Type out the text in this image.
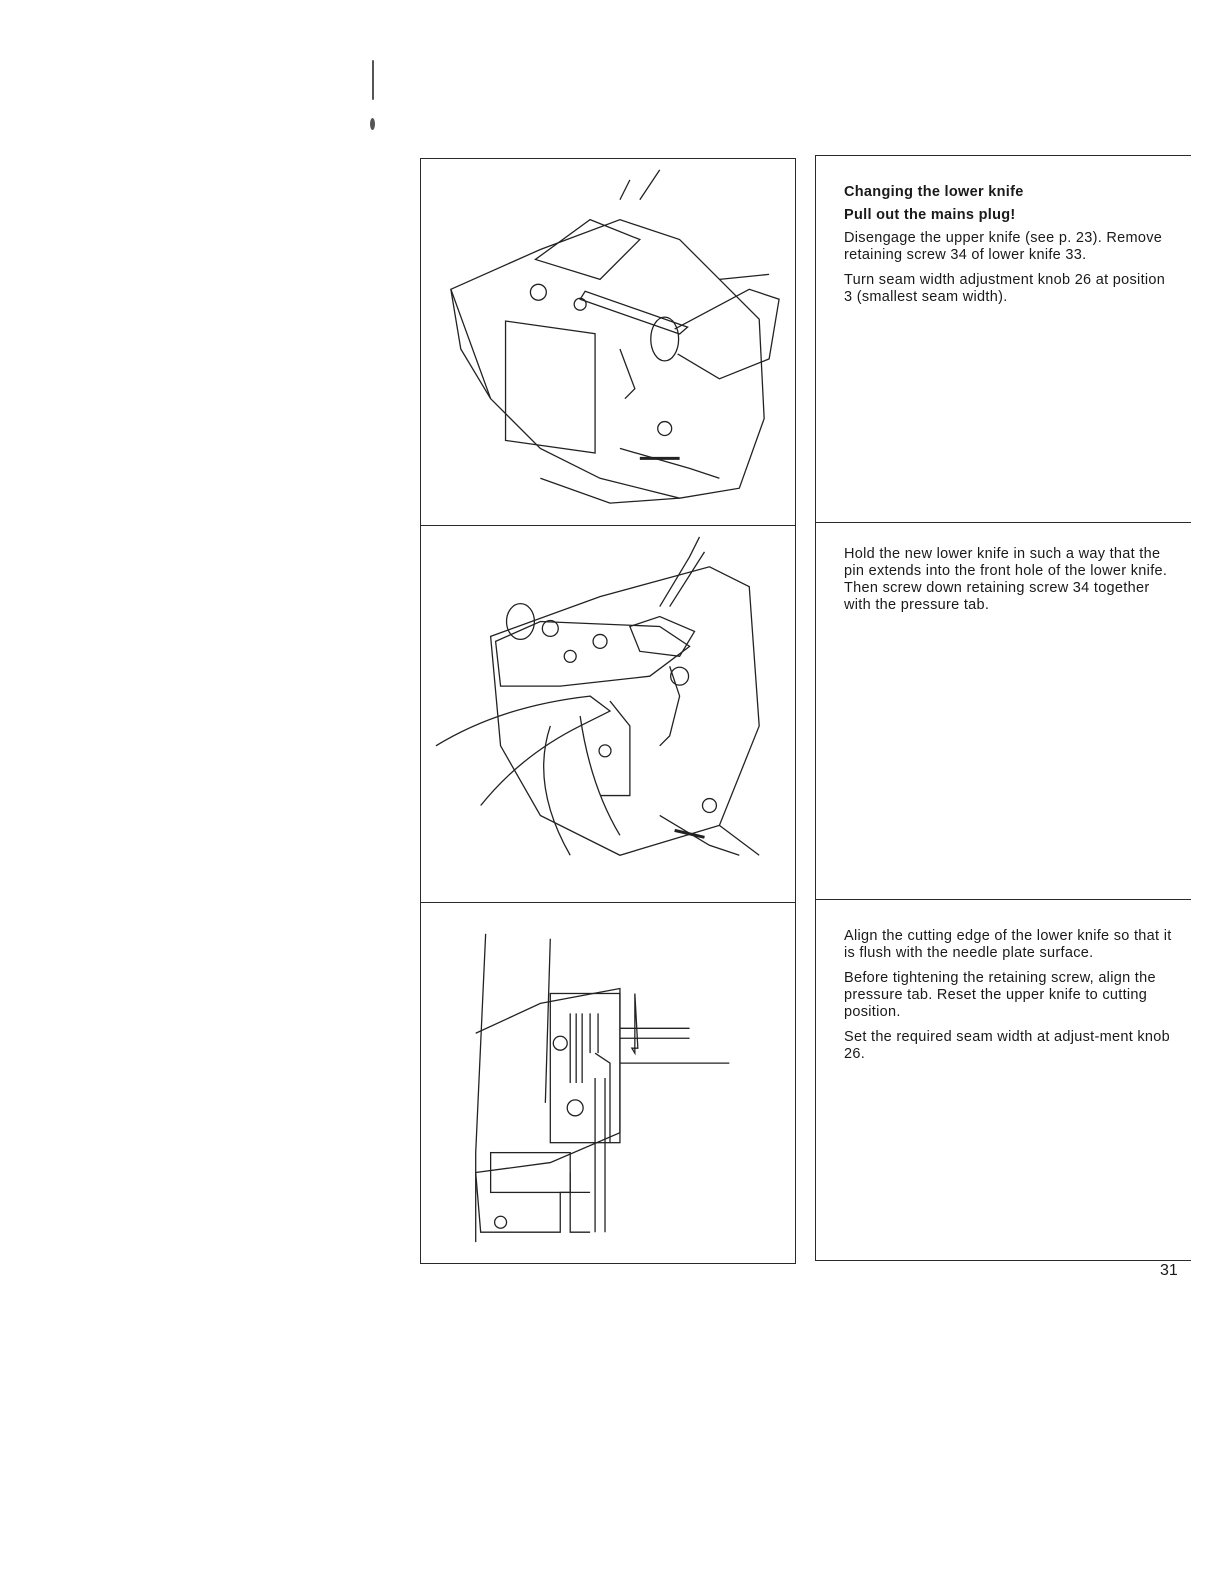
Changing the lower knife

Pull out the mains plug!

Disengage the upper knife (see p. 23). Remove retaining screw 34 of lower knife 33.

Turn seam width adjustment knob 26 at position 3 (smallest seam width).

Hold the new lower knife in such a way that the pin extends into the front hole of the lower knife. Then screw down retaining screw 34 together with the pressure tab.

Align the cutting edge of the lower knife so that it is flush with the needle plate surface.

Before tightening the retaining screw, align the pressure tab. Reset the upper knife to cutting position.

Set the required seam width at adjust-ment knob 26.

31
